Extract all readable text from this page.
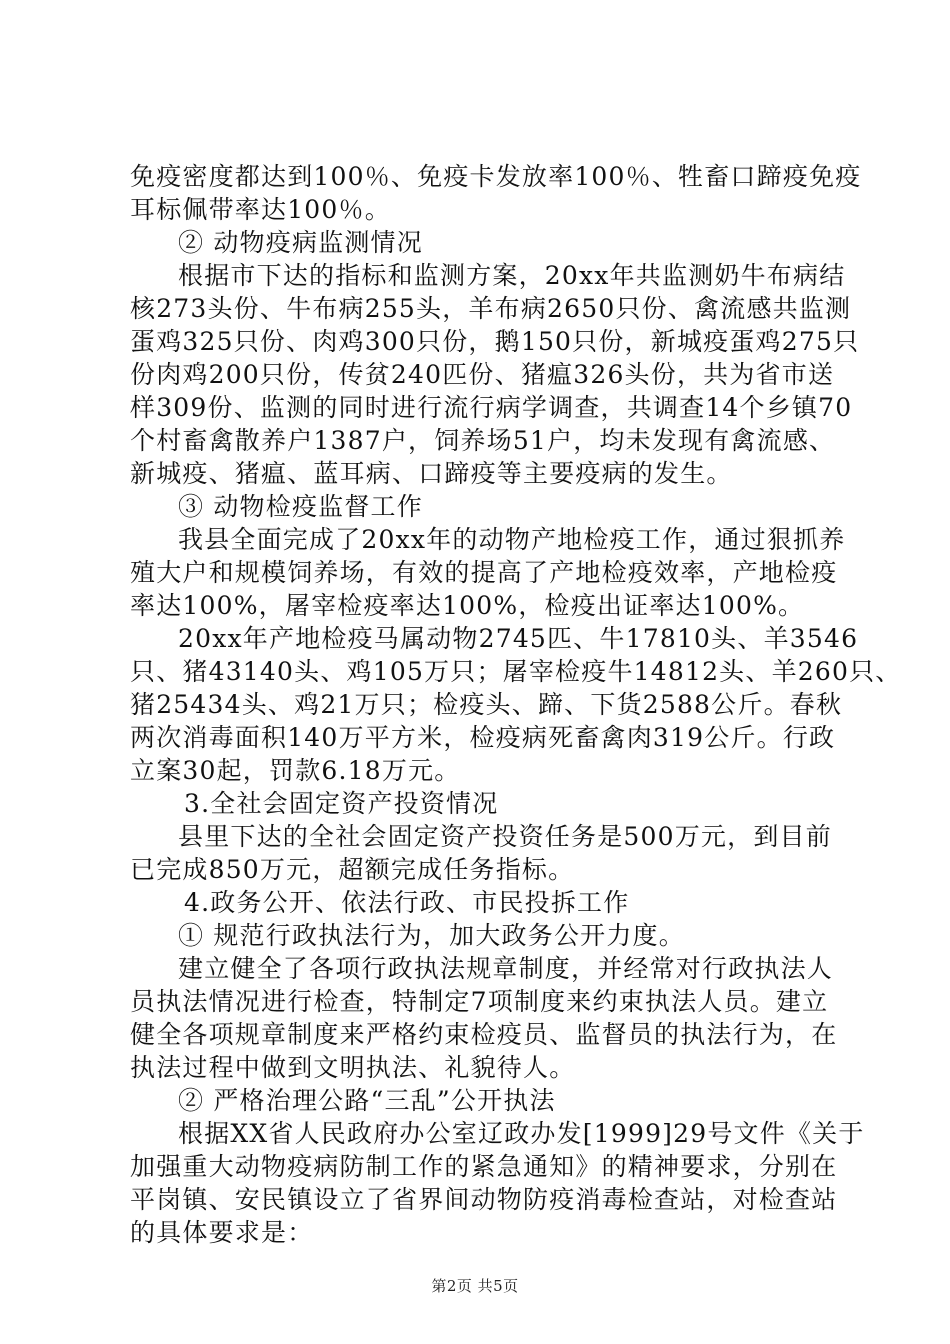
免疫密度都达到100％、免疫卡发放率100％、牲畜口蹄疫免疫
耳标佩带率达100％。
② 动物疫病监测情况
根据市下达的指标和监测方案，20xx年共监测奶牛布病结
核273头份、牛布病255头，羊布病2650只份、禽流感共监测
蛋鸡325只份、肉鸡300只份，鹅150只份，新城疫蛋鸡275只
份肉鸡200只份，传贫240匹份、猪瘟326头份，共为省市送
样309份、监测的同时进行流行病学调查，共调查14个乡镇70
个村畜禽散养户1387户，饲养场51户，均未发现有禽流感、
新城疫、猪瘟、蓝耳病、口蹄疫等主要疫病的发生。
③ 动物检疫监督工作
我县全面完成了20xx年的动物产地检疫工作，通过狠抓养
殖大户和规模饲养场，有效的提高了产地检疫效率，产地检疫
率达100%，屠宰检疫率达100%，检疫出证率达100%。
20xx年产地检疫马属动物2745匹、牛17810头、羊3546
只、猪43140头、鸡105万只；屠宰检疫牛14812头、羊260只、
猪25434头、鸡21万只；检疫头、蹄、下货2588公斤。春秋
两次消毒面积140万平方米，检疫病死畜禽肉319公斤。行政
立案30起，罚款6.18万元。
3.全社会固定资产投资情况
县里下达的全社会固定资产投资任务是500万元，到目前
已完成850万元，超额完成任务指标。
4.政务公开、依法行政、市民投拆工作
① 规范行政执法行为，加大政务公开力度。
建立健全了各项行政执法规章制度，并经常对行政执法人
员执法情况进行检查，特制定7项制度来约束执法人员。建立
健全各项规章制度来严格约束检疫员、监督员的执法行为，在
执法过程中做到文明执法、礼貌待人。
② 严格治理公路“三乱”公开执法
根据XX省人民政府办公室辽政办发[1999]29号文件《关于
加强重大动物疫病防制工作的紧急通知》的精神要求，分别在
平岗镇、安民镇设立了省界间动物防疫消毒检查站，对检查站
的具体要求是：
第2页 共5页
